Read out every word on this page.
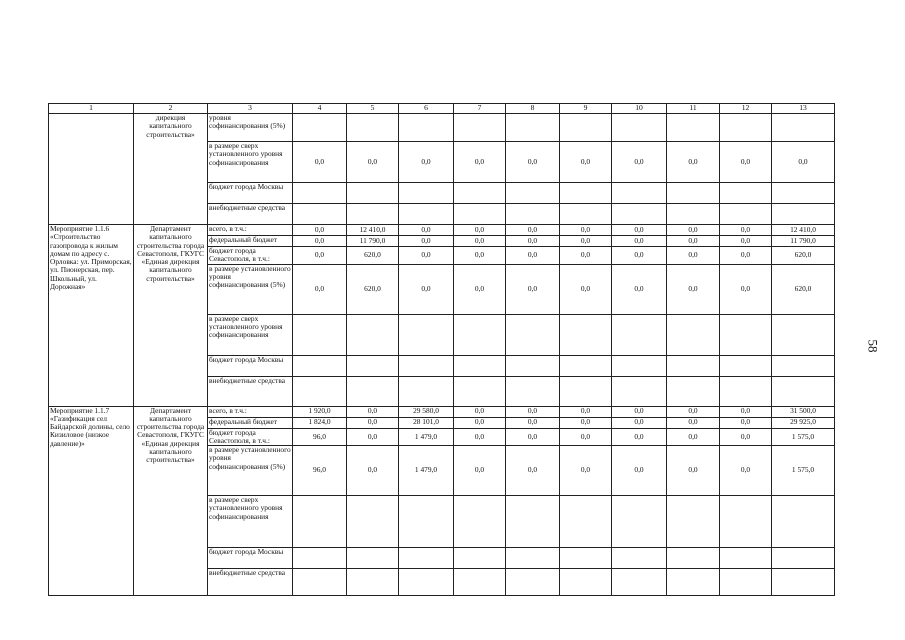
1	2	3	4	5	6	7	8	9	10	11	12	13
	дирекция капитального строительства»	уровня софинансирования (5%)										
		в размере сверх установленного уровня софинансирования	0,0	0,0	0,0	0,0	0,0	0,0	0,0	0,0	0,0	0,0
		бюджет города Москвы										
		внебюджетные средства										
Мероприятие 1.1.6 «Строительство газопровода к жилым домам по адресу с. Орловка: ул. Приморская, ул. Пионерская, пер. Школьный, ул. Дорожная»	Департамент капитального строительства города Севастополя, ГКУГС «Единая дирекция капитального строительства»	всего, в т.ч.:	0,0	12 410,0	0,0	0,0	0,0	0,0	0,0	0,0	0,0	12 410,0
		федеральный бюджет	0,0	11 790,0	0,0	0,0	0,0	0,0	0,0	0,0	0,0	11 790,0
		бюджет города Севастополя, в т.ч.:	0,0	620,0	0,0	0,0	0,0	0,0	0,0	0,0	0,0	620,0
		в размере установленного уровня софинансирования (5%)	0,0	620,0	0,0	0,0	0,0	0,0	0,0	0,0	0,0	620,0
		в размере сверх установленного уровня софинансирования										
		бюджет города Москвы										
		внебюджетные средства										
Мероприятие 1.1.7 «Газификация сел Байдарской долины, село Кизиловое (низкое давление)»	Департамент капитального строительства города Севастополя, ГКУГС «Единая дирекция капитального строительства»	всего, в т.ч.:	1 920,0	0,0	29 580,0	0,0	0,0	0,0	0,0	0,0	0,0	31 500,0
		федеральный бюджет	1 824,0	0,0	28 101,0	0,0	0,0	0,0	0,0	0,0	0,0	29 925,0
		бюджет города Севастополя, в т.ч.:	96,0	0,0	1 479,0	0,0	0,0	0,0	0,0	0,0	0,0	1 575,0
		в размере установленного уровня софинансирования (5%)	96,0	0,0	1 479,0	0,0	0,0	0,0	0,0	0,0	0,0	1 575,0
		в размере сверх установленного уровня софинансирования										
		бюджет города Москвы										
		внебюджетные средства										
58
